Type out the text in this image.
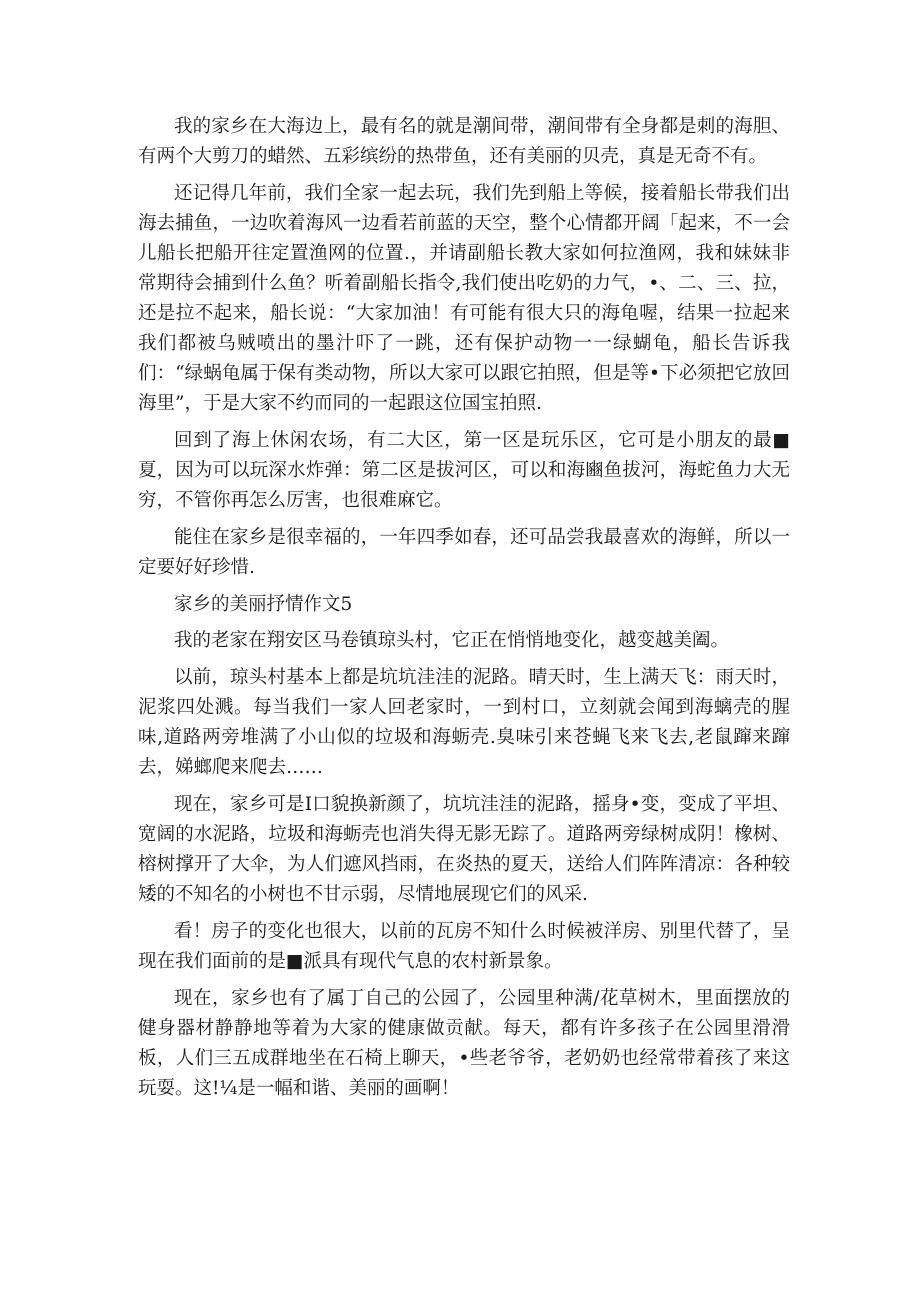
我的家乡在大海边上，最有名的就是潮间带，潮间带有全身都是刺的海胆、有两个大剪刀的蜡然、五彩缤纷的热带鱼，还有美丽的贝壳，真是无奇不有。

还记得几年前，我们全家一起去玩，我们先到船上等候，接着船长带我们出海去捕鱼，一边吹着海风一边看若前蓝的天空，整个心情都开阔「起来，不一会儿船长把船开往定置渔网的位置.，并请副船长教大家如何拉渔网，我和妹妹非常期待会捕到什么鱼？听着副船长指令,我们使出吃奶的力气，•、二、三、拉，还是拉不起来，船长说：“大家加油！有可能有很大只的海龟喔，结果一拉起来我们都被乌贼喷出的墨汁吓了一跳，还有保护动物一一绿蝴龟，船长告诉我们：“绿蜗龟属于保有类动物，所以大家可以跟它拍照，但是等•下必须把它放回海里”，于是大家不约而同的一起跟这位国宝拍照.

回到了海上休闲农场，有二大区，第一区是玩乐区，它可是小朋友的最■夏，因为可以玩深水炸弹：第二区是拔河区，可以和海豳鱼拔河，海蛇鱼力大无穷，不管你再怎么厉害，也很难麻它。

能住在家乡是很幸福的，一年四季如春，还可品尝我最喜欢的海鲜，所以一定要好好珍惜.

家乡的美丽抒情作文5

我的老家在翔安区马卷镇琼头村，它正在悄悄地变化，越变越美阖。

以前，琼头村基本上都是坑坑洼洼的泥路。晴天时，生上满天飞：雨天时，泥浆四处溅。每当我们一家人回老家时，一到村口，立刻就会闻到海螭壳的腥味,道路两旁堆满了小山似的垃圾和海蛎壳.臭味引来苍蝇飞来飞去,老鼠蹿来蹿去，娣螂爬来爬去……

现在，家乡可是I口貌换新颜了，坑坑洼洼的泥路，摇身•变，变成了平坦、宽阔的水泥路，垃圾和海蛎壳也消失得无影无踪了。道路两旁绿树成阴！橡树、榕树撑开了大伞，为人们遮风挡雨，在炎热的夏天，送给人们阵阵清凉：各种较矮的不知名的小树也不甘示弱，尽情地展现它们的风采.

看！房子的变化也很大，以前的瓦房不知什么时候被洋房、别里代替了，呈现在我们面前的是■派具有现代气息的农村新景象。

现在，家乡也有了属丁自己的公园了，公园里种满/花草树木，里面摆放的健身器材静静地等着为大家的健康做贡献。每天，都有许多孩子在公园里滑滑板，人们三五成群地坐在石椅上聊天，•些老爷爷，老奶奶也经常带着孩了来这玩耍。这!¼是一幅和谐、美丽的画啊！
